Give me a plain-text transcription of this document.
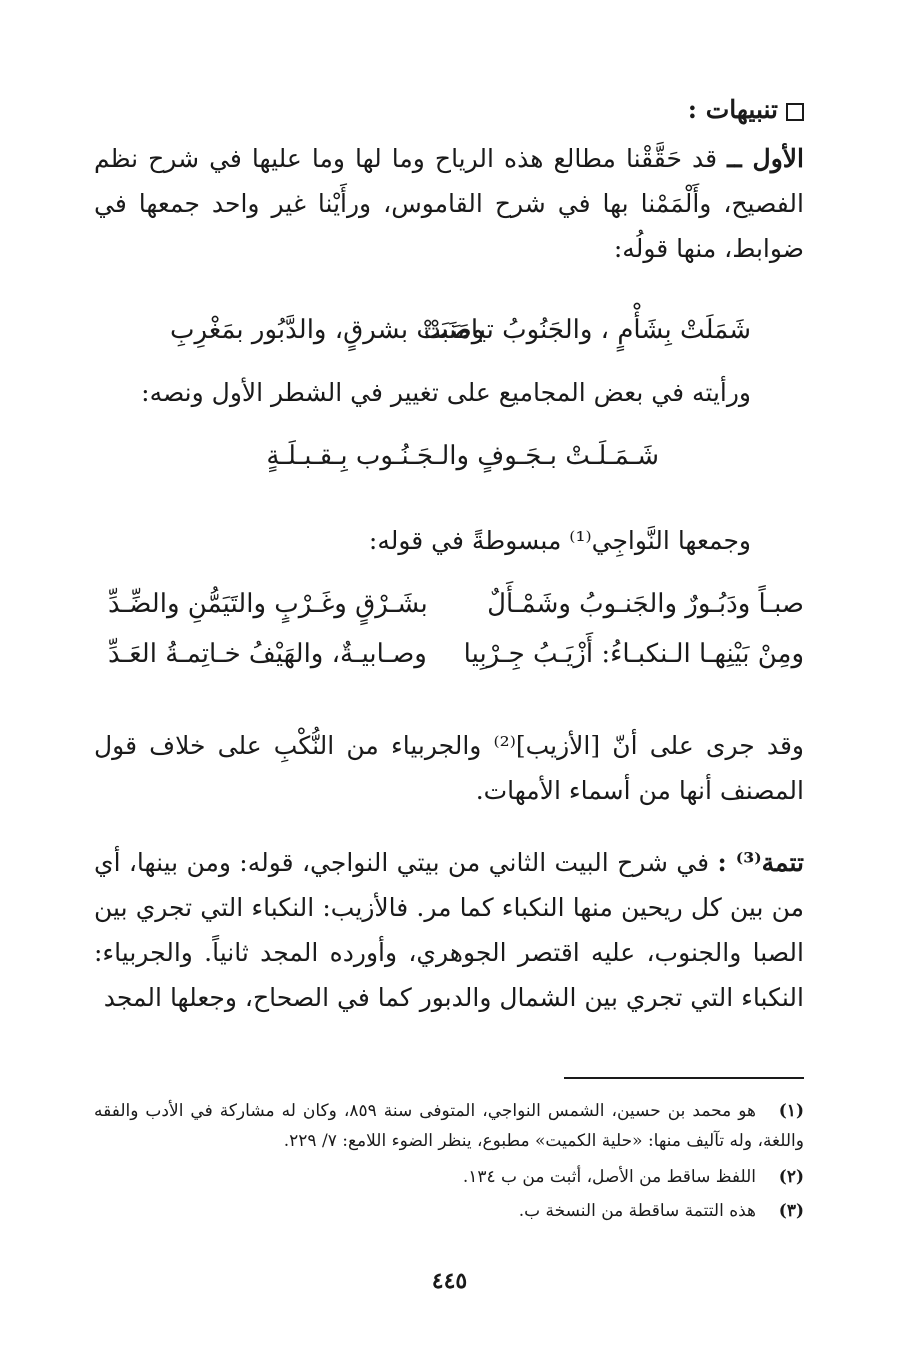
تنبيهات :
الأول ــ قد حَقَّقْنا مطالع هذه الرياح وما لها وما عليها في شرح نظم الفصيح، وأَلْمَمْنا بها في شرح القاموس، ورأَيْنا غير واحد جمعها في ضوابط، منها قولُه:
شَمَلَتْ بِشَأْمٍ ، والجَنُوبُ تيامَنَتْ
وصَبَتْ بشرقٍ، والدَّبُور بمَغْرِبِ
ورأيته في بعض المجاميع على تغيير في الشطر الأول ونصه:
شَـمَـلَـتْ بـجَـوفٍ والـجَـنُـوب بِـقـبـلَـةٍ
وجمعها النَّواجِي⁽¹⁾ مبسوطةً في قوله:
صبـاً ودَبُـورٌ والجَنـوبُ وشَمْـأَلٌ
بشَـرْقٍ وغَـرْبٍ والتَيَمُّنِ والضِّـدِّ
ومِنْ بَيْنِهـا الـنكبـاءُ: أَزْيَـبُ جِـرْبِيا
وصـابيـةٌ، والهَيْفُ خـاتِمـةُ العَـدِّ
وقد جرى على أنّ [الأزيب]⁽²⁾ والجربياء من النُّكْبِ على خلاف قول المصنف أنها من أسماء الأمهات.
تتمة⁽³⁾ : في شرح البيت الثاني من بيتي النواجي، قوله: ومن بينها، أي من بين كل ريحين منها النكباء كما مر. فالأزيب: النكباء التي تجري بين الصبا والجنوب، عليه اقتصر الجوهري، وأورده المجد ثانياً. والجربياء: النكباء التي تجري بين الشمال والدبور كما في الصحاح، وجعلها المجد
(١)هو محمد بن حسين، الشمس النواجي، المتوفى سنة ٨٥٩، وكان له مشاركة في الأدب والفقه واللغة، وله تآليف منها: «حلية الكميت» مطبوع، ينظر الضوء اللامع: ٧/ ٢٢٩.
(٢)اللفظ ساقط من الأصل، أثبت من ب ١٣٤.
(٣)هذه التتمة ساقطة من النسخة ب.
٤٤٥
